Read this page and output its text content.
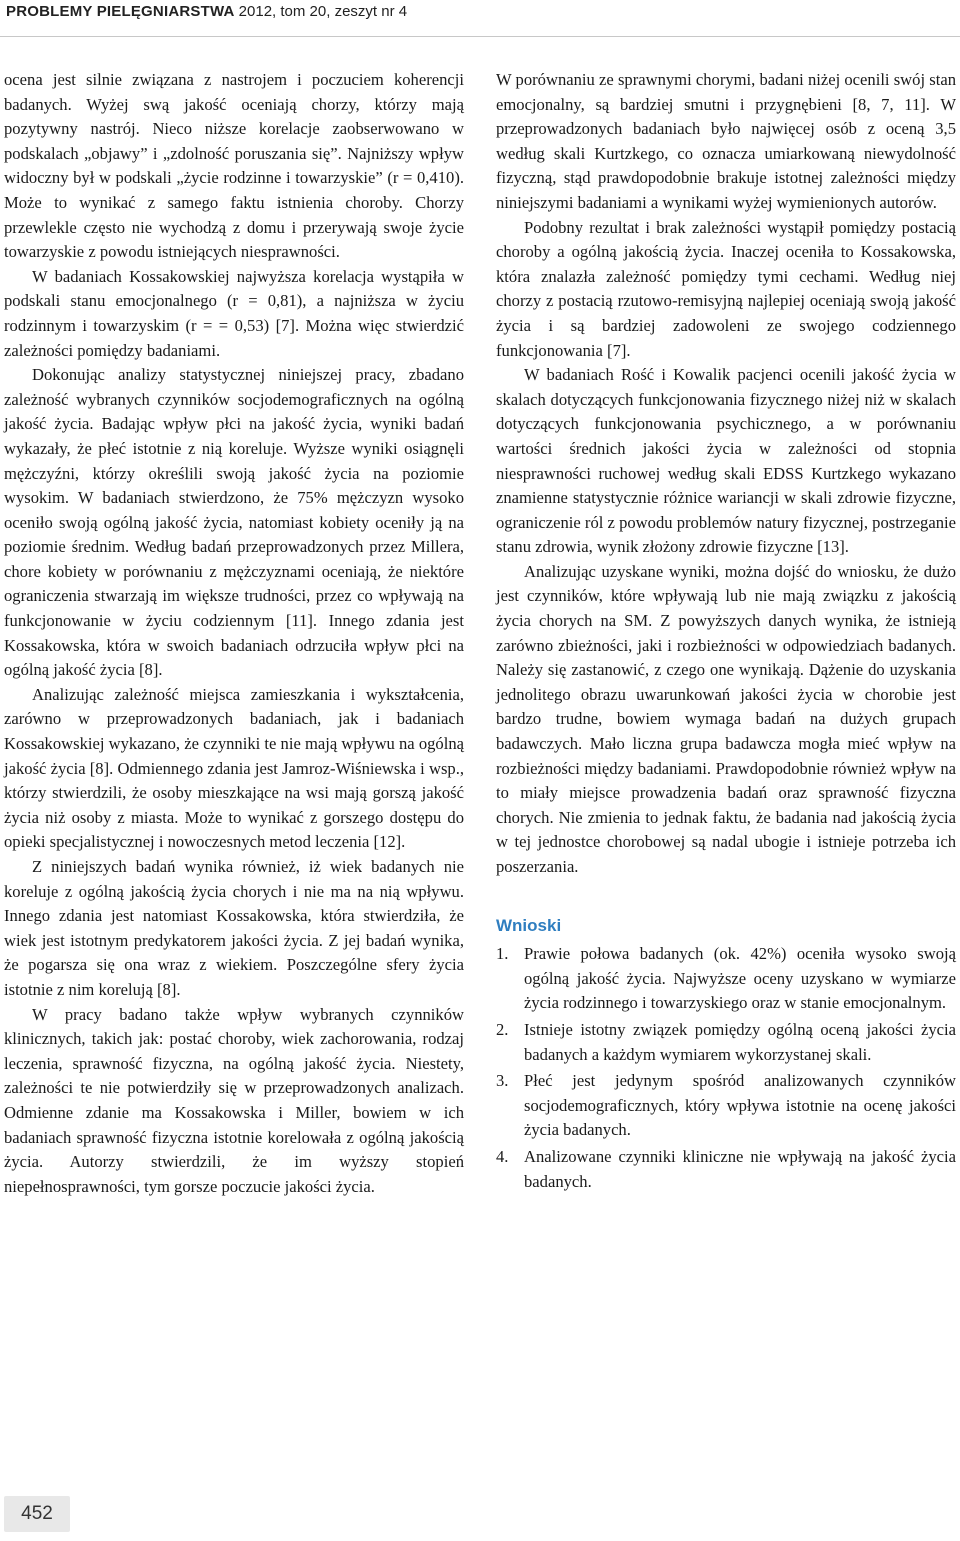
PROBLEMY PIELĘGNIARSTWA 2012, tom 20, zeszyt nr 4

ocena jest silnie związana z nastrojem i poczuciem koherencji badanych. Wyżej swą jakość oceniają chorzy, którzy mają pozytywny nastrój. Nieco niższe korelacje zaobserwowano w podskalach „objawy” i „zdolność poruszania się”. Najniższy wpływ widoczny był w podskali „życie rodzinne i towarzyskie” (r = 0,410). Może to wynikać z samego faktu istnienia choroby. Chorzy przewlekle często nie wychodzą z domu i przerywają swoje życie towarzyskie z powodu istniejących niesprawności.

W badaniach Kossakowskiej najwyższa korelacja wystąpiła w podskali stanu emocjonalnego (r = 0,81), a najniższa w życiu rodzinnym i towarzyskim (r = = 0,53) [7]. Można więc stwierdzić zależności pomiędzy badaniami.

Dokonując analizy statystycznej niniejszej pracy, zbadano zależność wybranych czynników socjodemograficznych na ogólną jakość życia. Badając wpływ płci na jakość życia, wyniki badań wykazały, że płeć istotnie z nią koreluje. Wyższe wyniki osiągnęli mężczyźni, którzy określili swoją jakość życia na poziomie wysokim. W badaniach stwierdzono, że 75% mężczyzn wysoko oceniło swoją ogólną jakość życia, natomiast kobiety oceniły ją na poziomie średnim. Według badań przeprowadzonych przez Millera, chore kobiety w porównaniu z mężczyznami oceniają, że niektóre ograniczenia stwarzają im większe trudności, przez co wpływają na funkcjonowanie w życiu codziennym [11]. Innego zdania jest Kossakowska, która w swoich badaniach odrzuciła wpływ płci na ogólną jakość życia [8].

Analizując zależność miejsca zamieszkania i wykształcenia, zarówno w przeprowadzonych badaniach, jak i badaniach Kossakowskiej wykazano, że czynniki te nie mają wpływu na ogólną jakość życia [8]. Odmiennego zdania jest Jamroz-Wiśniewska i wsp., którzy stwierdzili, że osoby mieszkające na wsi mają gorszą jakość życia niż osoby z miasta. Może to wynikać z gorszego dostępu do opieki specjalistycznej i nowoczesnych metod leczenia [12].

Z niniejszych badań wynika również, iż wiek badanych nie koreluje z ogólną jakością życia chorych i nie ma na nią wpływu. Innego zdania jest natomiast Kossakowska, która stwierdziła, że wiek jest istotnym predykatorem jakości życia. Z jej badań wynika, że pogarsza się ona wraz z wiekiem. Poszczególne sfery życia istotnie z nim korelują [8].

W pracy badano także wpływ wybranych czynników klinicznych, takich jak: postać choroby, wiek zachorowania, rodzaj leczenia, sprawność fizyczna, na ogólną jakość życia. Niestety, zależności te nie potwierdziły się w przeprowadzonych analizach. Odmienne zdanie ma Kossakowska i Miller, bowiem w ich badaniach sprawność fizyczna istotnie korelowała z ogólną jakością życia. Autorzy stwierdzili, że im wyższy stopień niepełnosprawności, tym gorsze poczucie jakości życia.

W porównaniu ze sprawnymi chorymi, badani niżej ocenili swój stan emocjonalny, są bardziej smutni i przygnębieni [8, 7, 11]. W przeprowadzonych badaniach było najwięcej osób z oceną 3,5 według skali Kurtzkego, co oznacza umiarkowaną niewydolność fizyczną, stąd prawdopodobnie brakuje istotnej zależności między niniejszymi badaniami a wynikami wyżej wymienionych autorów.

Podobny rezultat i brak zależności wystąpił pomiędzy postacią choroby a ogólną jakością życia. Inaczej oceniła to Kossakowska, która znalazła zależność pomiędzy tymi cechami. Według niej chorzy z postacią rzutowo-remisyjną najlepiej oceniają swoją jakość życia i są bardziej zadowoleni ze swojego codziennego funkcjonowania [7].

W badaniach Rość i Kowalik pacjenci ocenili jakość życia w skalach dotyczących funkcjonowania fizycznego niżej niż w skalach dotyczących funkcjonowania psychicznego, a w porównaniu wartości średnich jakości życia w zależności od stopnia niesprawności ruchowej według skali EDSS Kurtzkego wykazano znamienne statystycznie różnice wariancji w skali zdrowie fizyczne, ograniczenie ról z powodu problemów natury fizycznej, postrzeganie stanu zdrowia, wynik złożony zdrowie fizyczne [13].

Analizując uzyskane wyniki, można dojść do wniosku, że dużo jest czynników, które wpływają lub nie mają związku z jakością życia chorych na SM. Z powyższych danych wynika, że istnieją zarówno zbieżności, jaki i rozbieżności w odpowiedziach badanych. Należy się zastanowić, z czego one wynikają. Dążenie do uzyskania jednolitego obrazu uwarunkowań jakości życia w chorobie jest bardzo trudne, bowiem wymaga badań na dużych grupach badawczych. Mało liczna grupa badawcza mogła mieć wpływ na rozbieżności między badaniami. Prawdopodobnie również wpływ na to miały miejsce prowadzenia badań oraz sprawność fizyczna chorych. Nie zmienia to jednak faktu, że badania nad jakością życia w tej jednostce chorobowej są nadal ubogie i istnieje potrzeba ich poszerzania.

Wnioski
1. Prawie połowa badanych (ok. 42%) oceniła wysoko swoją ogólną jakość życia. Najwyższe oceny uzyskano w wymiarze życia rodzinnego i towarzyskiego oraz w stanie emocjonalnym.
2. Istnieje istotny związek pomiędzy ogólną oceną jakości życia badanych a każdym wymiarem wykorzystanej skali.
3. Płeć jest jedynym spośród analizowanych czynników socjodemograficznych, który wpływa istotnie na ocenę jakości życia badanych.
4. Analizowane czynniki kliniczne nie wpływają na jakość życia badanych.
452
